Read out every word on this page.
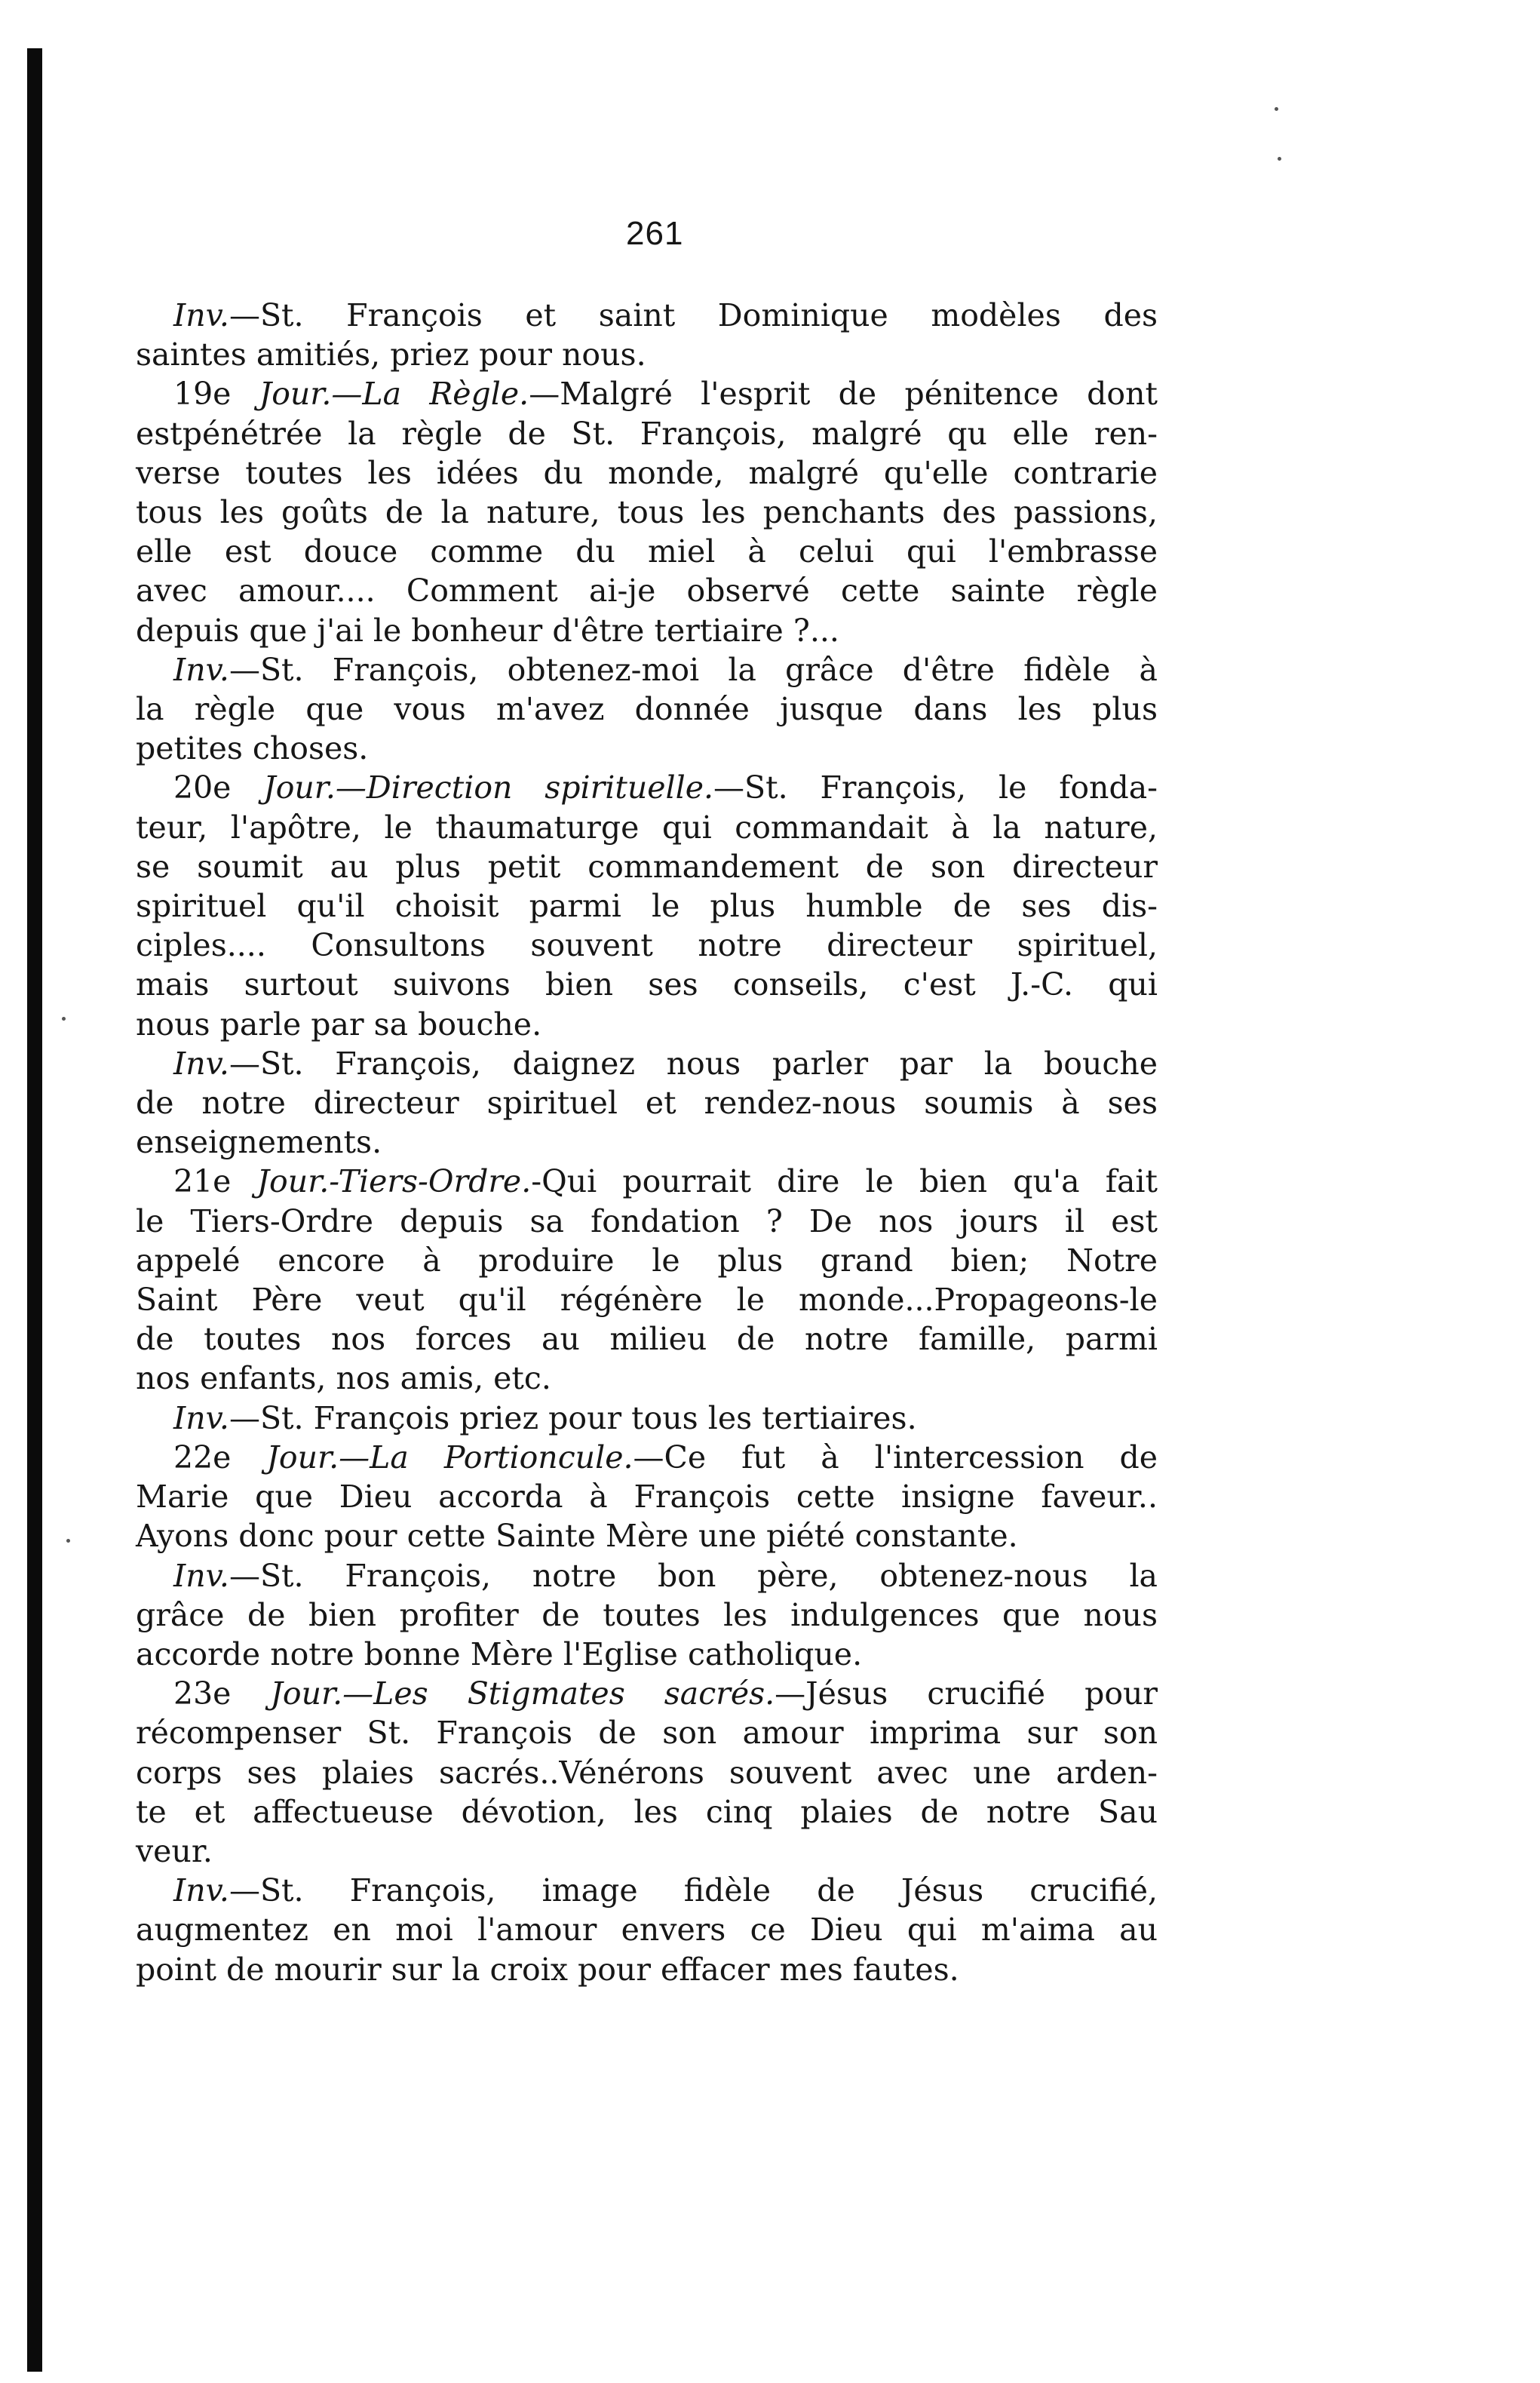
261
Inv.—St. François et saint Dominique modèles des
saintes amitiés, priez pour nous.
19e Jour.—La Règle.—Malgré l'esprit de pénitence dont
estpénétrée la règle de St. François, malgré qu elle ren-
verse toutes les idées du monde, malgré qu'elle contrarie
tous les goûts de la nature, tous les penchants des passions,
elle est douce comme du miel à celui qui l'embrasse
avec amour.... Comment ai-je observé cette sainte règle
depuis que j'ai le bonheur d'être tertiaire ?...
Inv.—St. François, obtenez-moi la grâce d'être fidèle à
la règle que vous m'avez donnée jusque dans les plus
petites choses.
20e Jour.—Direction spirituelle.—St. François, le fonda-
teur, l'apôtre, le thaumaturge qui commandait à la nature,
se soumit au plus petit commandement de son directeur
spirituel qu'il choisit parmi le plus humble de ses dis-
ciples.... Consultons souvent notre directeur spirituel,
mais surtout suivons bien ses conseils, c'est J.-C. qui
nous parle par sa bouche.
Inv.—St. François, daignez nous parler par la bouche
de notre directeur spirituel et rendez-nous soumis à ses
enseignements.
21e Jour.-Tiers-Ordre.-Qui pourrait dire le bien qu'a fait
le Tiers-Ordre depuis sa fondation ? De nos jours il est
appelé encore à produire le plus grand bien; Notre
Saint Père veut qu'il régénère le monde...Propageons-le
de toutes nos forces au milieu de notre famille, parmi
nos enfants, nos amis, etc.
Inv.—St. François priez pour tous les tertiaires.
22e Jour.—La Portioncule.—Ce fut à l'intercession de
Marie que Dieu accorda à François cette insigne faveur..
Ayons donc pour cette Sainte Mère une piété constante.
Inv.—St. François, notre bon père, obtenez-nous la
grâce de bien profiter de toutes les indulgences que nous
accorde notre bonne Mère l'Eglise catholique.
23e Jour.—Les Stigmates sacrés.—Jésus crucifié pour
récompenser St. François de son amour imprima sur son
corps ses plaies sacrés..Vénérons souvent avec une arden-
te et affectueuse dévotion, les cinq plaies de notre Sau
veur.
Inv.—St. François, image fidèle de Jésus crucifié,
augmentez en moi l'amour envers ce Dieu qui m'aima au
point de mourir sur la croix pour effacer mes fautes.
